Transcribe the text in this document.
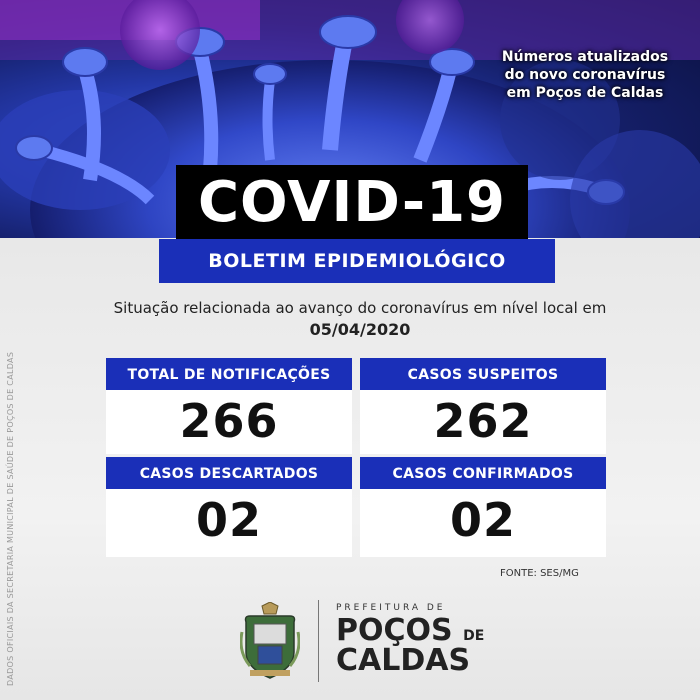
Números atualizados do novo coronavírus em Poços de Caldas
DADOS OFICIAIS DA SECRETARIA MUNICIPAL DE SAÚDE DE POÇOS DE CALDAS
COVID-19
BOLETIM EPIDEMIOLÓGICO
Situação relacionada ao avanço do coronavírus em nível local em
05/04/2020
TOTAL DE NOTIFICAÇÕES
266
CASOS SUSPEITOS
262
CASOS DESCARTADOS
02
CASOS CONFIRMADOS
02
FONTE: SES/MG
PREFEITURA DE
POÇOS DE
CALDAS
